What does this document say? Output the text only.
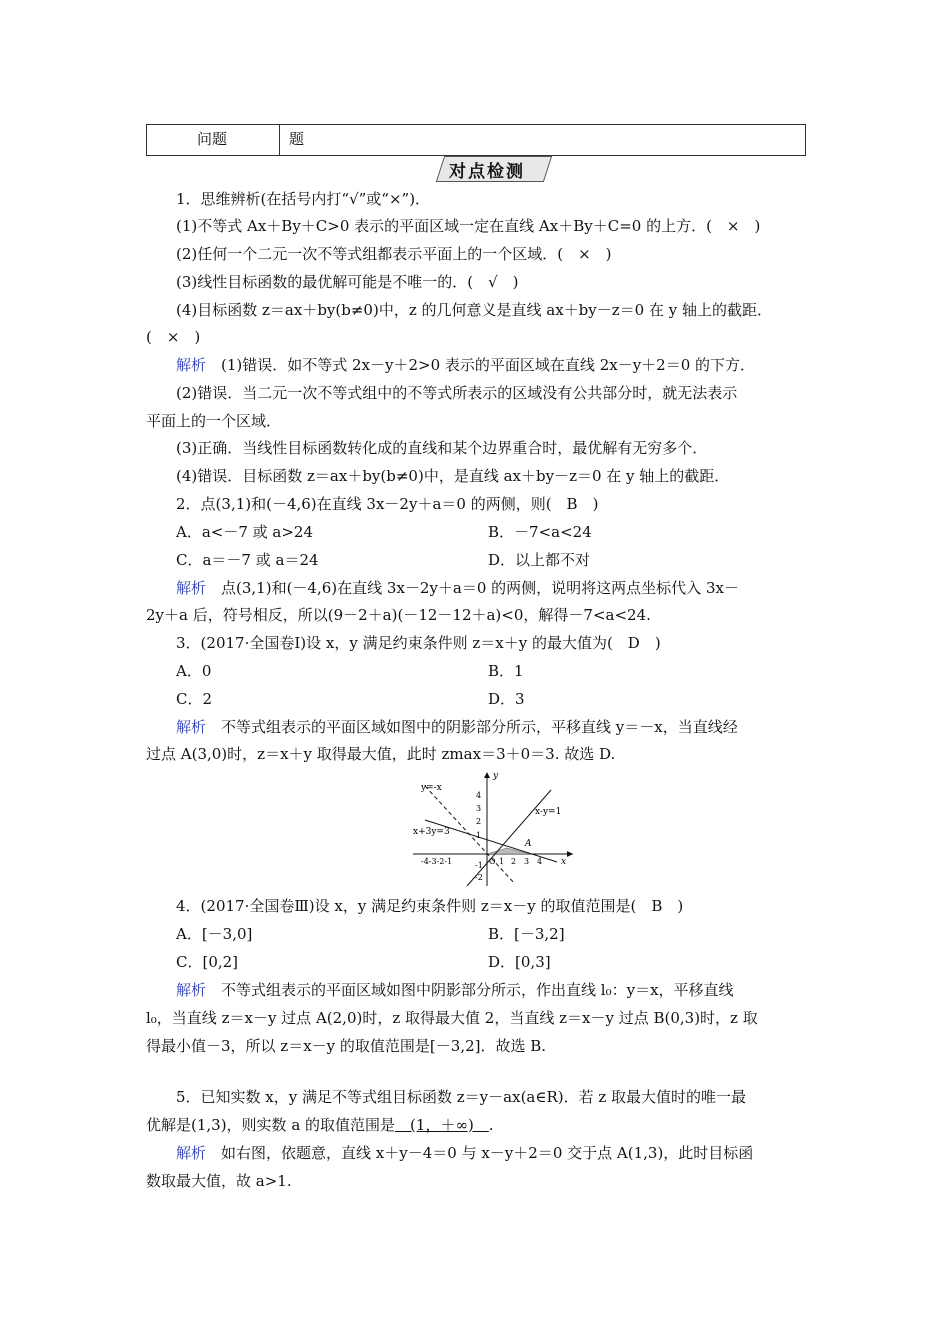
问题	题
对点检测
1．思维辨析(在括号内打“√”或“×”)．
(1)不等式 Ax＋By＋C>0 表示的平面区域一定在直线 Ax＋By＋C=0 的上方．(　×　)
(2)任何一个二元一次不等式组都表示平面上的一个区域．(　×　)
(3)线性目标函数的最优解可能是不唯一的．(　√　)
(4)目标函数 z＝ax＋by(b≠0)中，z 的几何意义是直线 ax＋by－z＝0 在 y 轴上的截距．
(　×　)
解析　(1)错误．如不等式 2x－y＋2>0 表示的平面区域在直线 2x－y＋2＝0 的下方．
(2)错误．当二元一次不等式组中的不等式所表示的区域没有公共部分时，就无法表示
平面上的一个区域．
(3)正确．当线性目标函数转化成的直线和某个边界重合时，最优解有无穷多个．
(4)错误．目标函数 z＝ax＋by(b≠0)中，是直线 ax＋by－z＝0 在 y 轴上的截距．
2．点(3,1)和(－4,6)在直线 3x－2y＋a＝0 的两侧，则(　B　)
A．a<－7 或 a>24	B．－7<a<24
C．a＝－7 或 a＝24	D．以上都不对
解析　点(3,1)和(－4,6)在直线 3x－2y＋a＝0 的两侧，说明将这两点坐标代入 3x－
2y＋a 后，符号相反，所以(9－2＋a)(－12－12＋a)<0，解得－7<a<24.
3．(2017·全国卷Ⅰ)设 x，y 满足约束条件则 z＝x＋y 的最大值为(　D　)
A．0	B．1
C．2	D．3
解析　不等式组表示的平面区域如图中的阴影部分所示，平移直线 y＝－x，当直线经
过点 A(3,0)时，z＝x＋y 取得最大值，此时 zmax＝3＋0＝3. 故选 D.
y=-x
x+3y=3
x-y=1
A
y
x
O
4
3
2
1
-1
-2
-4-3-2-1	1 2 3 4
4．(2017·全国卷Ⅲ)设 x，y 满足约束条件则 z＝x－y 的取值范围是(　B　)
A．[－3,0]	B．[－3,2]
C．[0,2]	D．[0,3]
解析　不等式组表示的平面区域如图中阴影部分所示，作出直线 l₀：y＝x，平移直线
l₀，当直线 z＝x－y 过点 A(2,0)时，z 取得最大值 2，当直线 z＝x－y 过点 B(0,3)时，z 取
得最小值－3，所以 z＝x－y 的取值范围是[－3,2]．故选 B.
5．已知实数 x，y 满足不等式组目标函数 z＝y－ax(a∈R)．若 z 取最大值时的唯一最
优解是(1,3)，则实数 a 的取值范围是　(1，＋∞)　.
解析　如右图，依题意，直线 x＋y－4＝0 与 x－y＋2＝0 交于点 A(1,3)，此时目标函
数取最大值，故 a>1.
